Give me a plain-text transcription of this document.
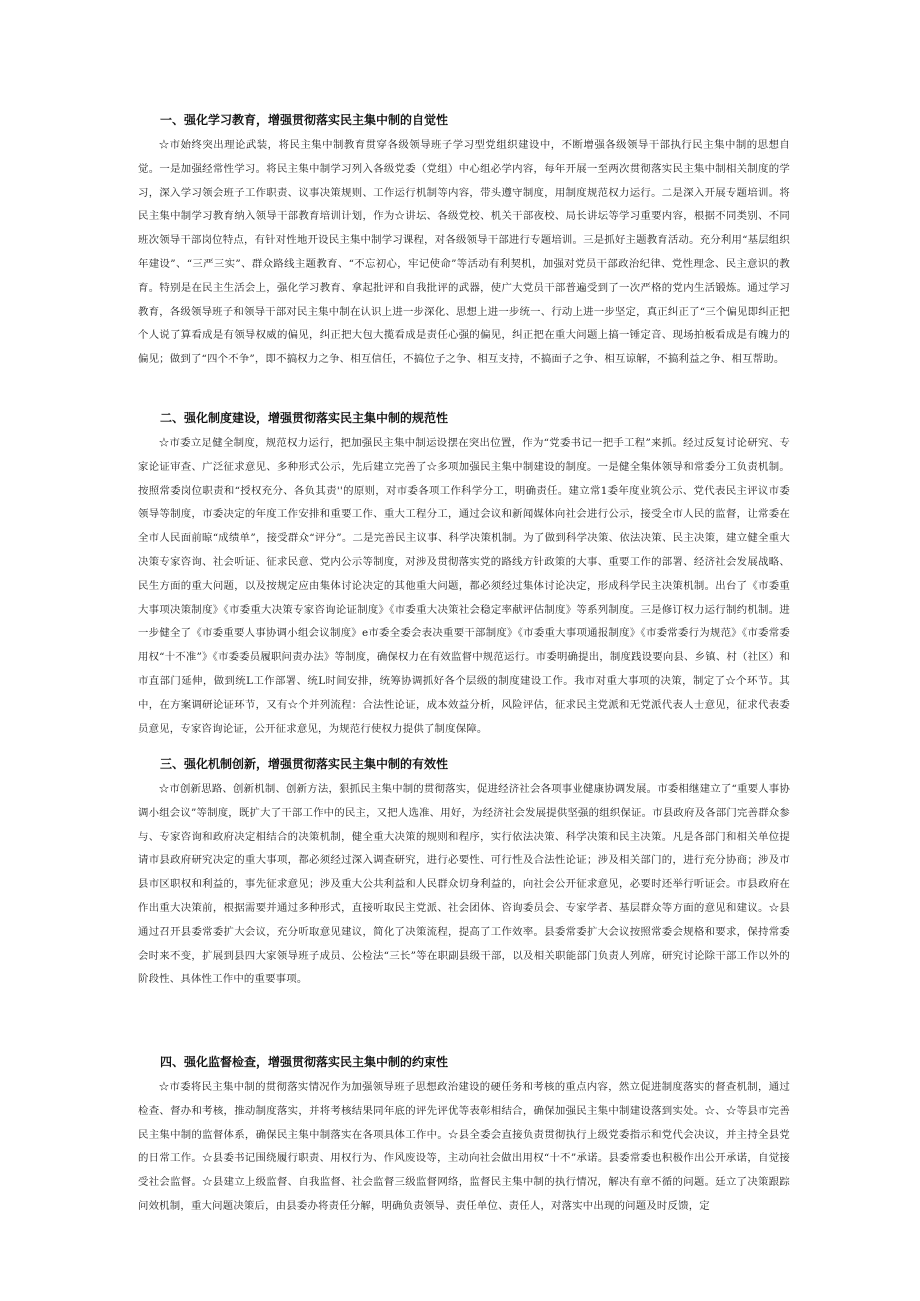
一、强化学习教育，增强贯彻落实民主集中制的自觉性

☆市始终突出理论武装，将民主集中制教育贯穿各级领导班子学习型党组织建设中，不断增强各级领导干部执行民主集中制的思想自觉。一是加强经常性学习。将民主集中制学习列入各级党委（党组）中心组必学内容，每年开展一至两次贯彻落实民主集中制相关制度的学习，深入学习领会班子工作职责、议事决策规则、工作运行机制等内容，带头遵守制度，用制度规范权力运行。二是深入开展专题培训。将民主集中制学习教育纳入领导干部教育培训计划，作为☆讲坛、各级党校、机关干部夜校、局长讲坛等学习重要内容，根据不同类别、不同班次领导干部岗位特点，有针对性地开设民主集中制学习课程，对各级领导干部进行专题培训。三是抓好主题教育活动。充分利用“基层组织年建设”、“三严三实”、群众路线主题教育、“不忘初心，牢记使命”等活动有利契机，加强对党员干部政治纪律、党性理念、民主意识的教育。特别是在民主生活会上，强化学习教育、拿起批评和自我批评的武器，使广大党员干部普遍受到了一次严格的党内生活锻炼。通过学习教育，各级领导班子和领导干部对民主集中制在认识上进一步深化、思想上进一步统一、行动上进一步坚定，真正纠正了“三个偏见即纠正把个人说了算看成是有领导权威的偏见，纠正把大包大揽看成是责任心强的偏见，纠正把在重大问题上搞一锤定音、现场拍板看成是有魄力的偏见；做到了“四个不争”，即不搞权力之争、相互信任，不搞位子之争、相互支持，不搞面子之争、相互谅解，不搞利益之争、相互帮助。

二、强化制度建设，增强贯彻落实民主集中制的规范性

☆市委立足健全制度，规范权力运行，把加强民主集中制运设摆在突出位置，作为“党委书记一把手工程”来抓。经过反复讨论研究、专家论证审查、广泛征求意见、多种形式公示，先后建立完善了☆多项加强民主集中制建设的制度。一是健全集体领导和常委分工负责机制。按照常委岗位职责和“授权充分、各负其责''的原则，对市委各项工作科学分工，明确责任。建立常1委年度业筑公示、党代表民主评议市委领导等制度，市委决定的年度工作安排和重要工作、重大工程分工，通过会议和新闻媒体向社会进行公示，接受全市人民的监督，让常委在全市人民面前晾“成绩单”，接受群众“评分”。二是完善民主议事、科学决策机制。为了做到科学决策、依法决策、民主决策，建立健全重大决策专家咨询、社会听证、征求民意、党内公示等制度，对涉及贯彻落实党的路线方针政策的大事、重要工作的部署、经济社会发展战略、民生方面的重大问题，以及按规定应由集体讨论决定的其他重大问题，都必须经过集体讨论决定，形成科学民主决策机制。出台了《市委重大事项决策制度》《市委重大决策专家咨询论证制度》《市委重大决策社会稳定率献评估制度》等系列制度。三是修订权力运行制约机制。进一步健全了《市委重要人事协调小组会议制度》e市委全委会表决重要干部制度》《市委重大事项通报制度》《市委常委行为规范》《市委常委用权“十不准”》《市委委员履职问责办法》等制度，确保权力在有效监督中规范运行。市委明确提出，制度践设要向县、乡镇、村（社区）和市直部门延伸，做到统L工作部署、统L时间安排，统筹协调抓好各个层级的制度建设工作。我市对重大事项的决策，制定了☆个环节。其中，在方案调研论证环节，又有☆个并列流程：合法性论证，成本效益分析，风险评估，征求民主党派和无党派代表人士意见，征求代表委员意见，专家咨询论证，公开征求意见，为规范行使权力提供了制度保障。

三、强化机制创新，增强贯彻落实民主集中制的有效性

☆市创新思路、创新机制、创新方法，狠抓民主集中制的贯彻落实，促进经济社会各项事业健康协调发展。市委相继建立了“重要人事协调小组会议”等制度，既扩大了干部工作中的民主，又把人选准、用好，为经济社会发展提供坚强的组织保证。市县政府及各部门完善群众参与、专家咨询和政府决定相结合的决策机制，健全重大决策的规则和程序，实行依法决策、科学决策和民主决策。凡是各部门和相关单位提请市县政府研究决定的重大事项，都必须经过深入调查研究，进行必要性、可行性及合法性论证；涉及相关部门的，进行充分协商；涉及市县市区职权和利益的，事先征求意见；涉及重大公共利益和人民群众切身利益的，向社会公开征求意见，必要时还举行听证会。市县政府在作出重大决策前，根据需要并通过多种形式，直接听取民主党派、社会团体、咨询委员会、专家学者、基层群众等方面的意见和建议。☆县通过召开县委常委扩大会议，充分听取意见建议，简化了决策流程，提高了工作效率。县委常委扩大会议按照常委会规格和要求，保持常委会时来不变，扩展到县四大家领导班子成员、公检法“三长”等在职副县级干部，以及相关职能部门负责人列席，研究讨论除干部工作以外的阶段性、具体性工作中的重要事项。

四、强化监督检查，增强贯彻落实民主集中制的约束性

☆市委将民主集中制的贯彻落实情况作为加强领导班子思想政治建设的硬任务和考核的重点内容，然立促进制度落实的督查机制，通过检查、督办和考核，推动制度落实，并将考核结果同年底的评先评优等表彰相结合，确保加强民主集中制建设落到实处。☆、☆等县市完善民主集中制的监督体系，确保民主集中制落实在各项具体工作中。☆县全委会直接负责贯彻执行上级党委指示和党代会决议，并主持全县党的日常工作。☆县委书记围绕履行职责、用权行为、作风废设等，主动向社会做出用权“十不”承诺。县委常委也积极作出公开承诺，自觉接受社会监督。☆县建立上级监督、自我监督、社会监督三级监督网络，监督民主集中制的执行情况，解决有章不循的问题。廷立了决策跟踪问效机制，重大问题决策后，由县委办将责任分解，明确负责领导、责任单位、责任人，对落实中出现的问题及时反馈，定
